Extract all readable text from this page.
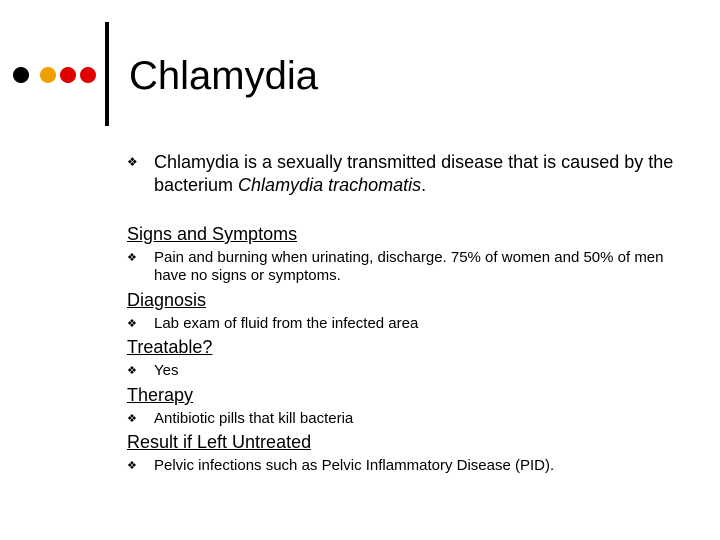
Chlamydia
❖ Chlamydia is a sexually transmitted disease that is caused by the bacterium Chlamydia trachomatis.
Signs and Symptoms
❖	Pain and burning when urinating, discharge. 75% of women and 50% of men have no signs or symptoms.
Diagnosis
❖	Lab exam of fluid from the infected area
Treatable?
❖	Yes
Therapy
❖	Antibiotic pills that kill bacteria
Result if Left Untreated
❖	Pelvic infections such as Pelvic Inflammatory Disease (PID).
